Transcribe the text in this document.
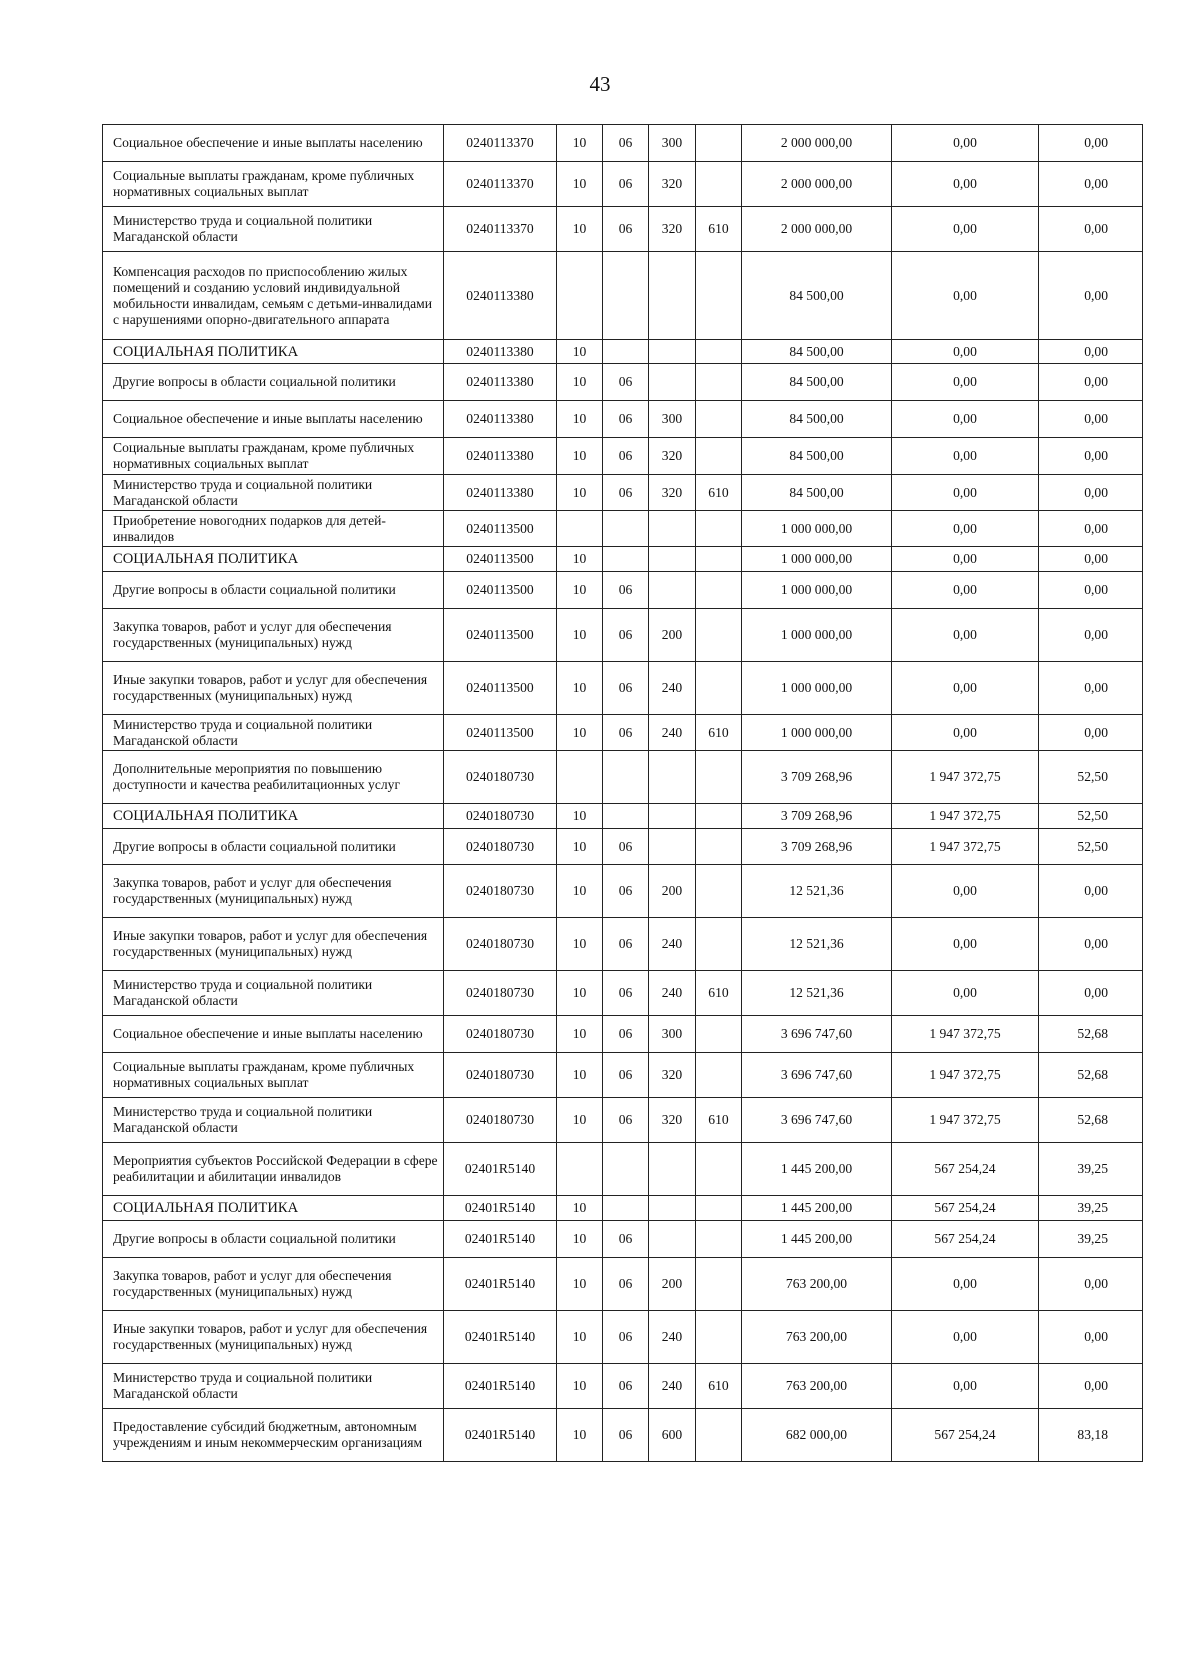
43
Социальное обеспечение и иные выплаты населению	0240113370	10	06	300		2 000 000,00	0,00	0,00
Социальные выплаты гражданам, кроме публичных нормативных социальных выплат	0240113370	10	06	320		2 000 000,00	0,00	0,00
Министерство труда и социальной политики Магаданской области	0240113370	10	06	320	610	2 000 000,00	0,00	0,00
Компенсация расходов по приспособлению жилых помещений и созданию условий индивидуальной мобильности инвалидам, семьям с детьми-инвалидами с нарушениями опорно-двигательного аппарата	0240113380					84 500,00	0,00	0,00
СОЦИАЛЬНАЯ ПОЛИТИКА	0240113380	10				84 500,00	0,00	0,00
Другие вопросы в области социальной политики	0240113380	10	06			84 500,00	0,00	0,00
Социальное обеспечение и иные выплаты населению	0240113380	10	06	300		84 500,00	0,00	0,00
Социальные выплаты гражданам, кроме публичных нормативных социальных выплат	0240113380	10	06	320		84 500,00	0,00	0,00
Министерство труда и социальной политики Магаданской области	0240113380	10	06	320	610	84 500,00	0,00	0,00
Приобретение новогодних подарков для детей-инвалидов	0240113500					1 000 000,00	0,00	0,00
СОЦИАЛЬНАЯ ПОЛИТИКА	0240113500	10				1 000 000,00	0,00	0,00
Другие вопросы в области социальной политики	0240113500	10	06			1 000 000,00	0,00	0,00
Закупка товаров, работ и услуг для обеспечения государственных (муниципальных) нужд	0240113500	10	06	200		1 000 000,00	0,00	0,00
Иные закупки товаров, работ и услуг для обеспечения государственных (муниципальных) нужд	0240113500	10	06	240		1 000 000,00	0,00	0,00
Министерство труда и социальной политики Магаданской области	0240113500	10	06	240	610	1 000 000,00	0,00	0,00
Дополнительные мероприятия по повышению доступности и качества реабилитационных услуг	0240180730					3 709 268,96	1 947 372,75	52,50
СОЦИАЛЬНАЯ ПОЛИТИКА	0240180730	10				3 709 268,96	1 947 372,75	52,50
Другие вопросы в области социальной политики	0240180730	10	06			3 709 268,96	1 947 372,75	52,50
Закупка товаров, работ и услуг для обеспечения государственных (муниципальных) нужд	0240180730	10	06	200		12 521,36	0,00	0,00
Иные закупки товаров, работ и услуг для обеспечения государственных (муниципальных) нужд	0240180730	10	06	240		12 521,36	0,00	0,00
Министерство труда и социальной политики Магаданской области	0240180730	10	06	240	610	12 521,36	0,00	0,00
Социальное обеспечение и иные выплаты населению	0240180730	10	06	300		3 696 747,60	1 947 372,75	52,68
Социальные выплаты гражданам, кроме публичных нормативных социальных выплат	0240180730	10	06	320		3 696 747,60	1 947 372,75	52,68
Министерство труда и социальной политики Магаданской области	0240180730	10	06	320	610	3 696 747,60	1 947 372,75	52,68
Мероприятия субъектов Российской Федерации в сфере реабилитации и абилитации инвалидов	02401R5140					1 445 200,00	567 254,24	39,25
СОЦИАЛЬНАЯ ПОЛИТИКА	02401R5140	10				1 445 200,00	567 254,24	39,25
Другие вопросы в области социальной политики	02401R5140	10	06			1 445 200,00	567 254,24	39,25
Закупка товаров, работ и услуг для обеспечения государственных (муниципальных) нужд	02401R5140	10	06	200		763 200,00	0,00	0,00
Иные закупки товаров, работ и услуг для обеспечения государственных (муниципальных) нужд	02401R5140	10	06	240		763 200,00	0,00	0,00
Министерство труда и социальной политики Магаданской области	02401R5140	10	06	240	610	763 200,00	0,00	0,00
Предоставление субсидий бюджетным, автономным учреждениям и иным некоммерческим организациям	02401R5140	10	06	600		682 000,00	567 254,24	83,18
